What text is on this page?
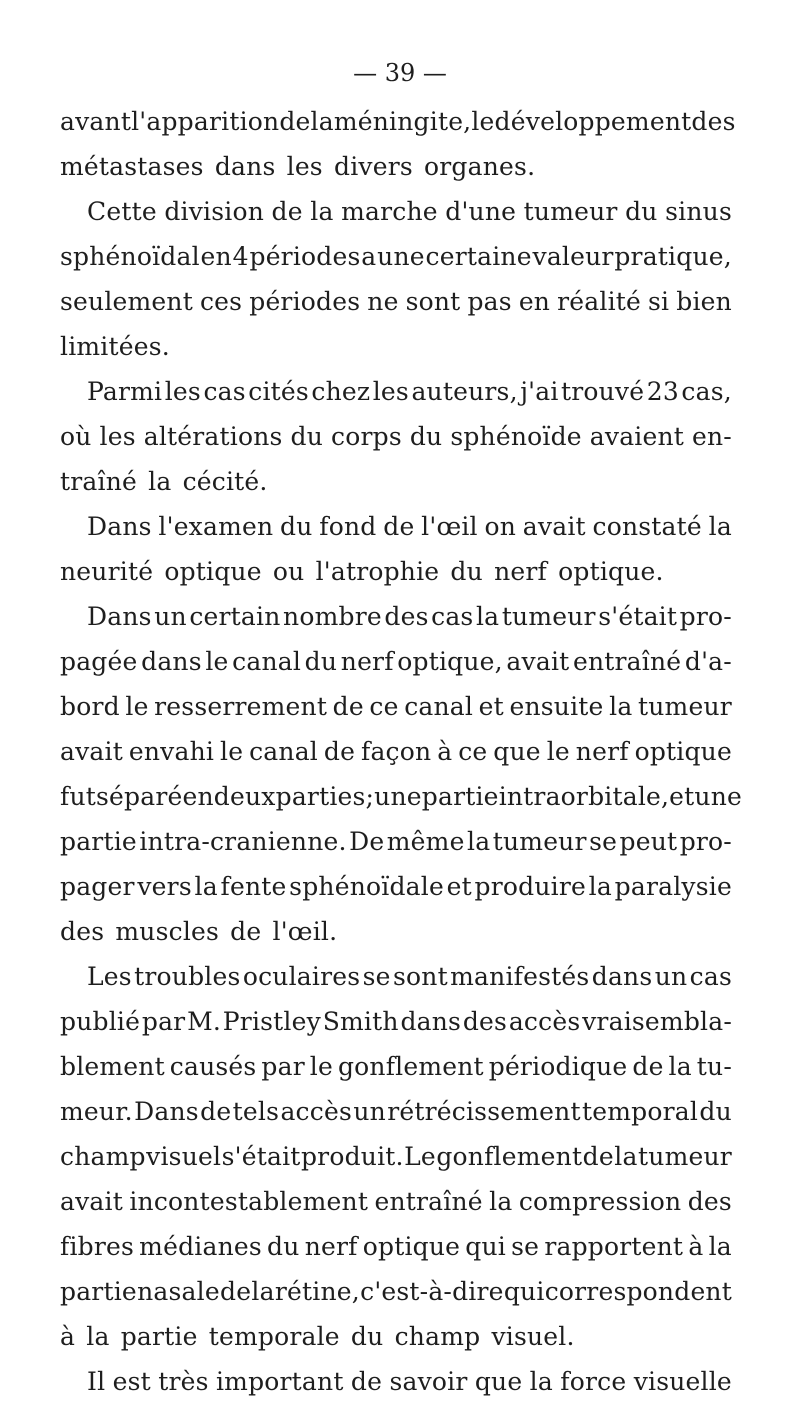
— 39 —
avant l'apparition de la méningite, le développement des
métastases dans les divers organes.
Cette division de la marche d'une tumeur du sinus
sphénoïdal en 4 périodes a une certaine valeur pratique,
seulement ces périodes ne sont pas en réalité si bien
limitées.
Parmi les cas cités chez les auteurs, j'ai trouvé 23 cas,
où les altérations du corps du sphénoïde avaient en-
traîné la cécité.
Dans l'examen du fond de l'œil on avait constaté la
neurité optique ou l'atrophie du nerf optique.
Dans un certain nombre des cas la tumeur s'était pro-
pagée dans le canal du nerf optique, avait entraîné d'a-
bord le resserrement de ce canal et ensuite la tumeur
avait envahi le canal de façon à ce que le nerf optique
fut séparé en deux parties ; une partie intraorbitale,et une
partie intra-cranienne. De même la tumeur se peut pro-
pager vers la fente sphénoïdale et produire la paralysie
des muscles de l'œil.
Les troubles oculaires se sont manifestés dans un cas
publié par M. Pristley Smith dans des accès vraisembla-
blement causés par le gonflement périodique de la tu-
meur. Dans de tels accès un rétrécissement temporal du
champ visuel s'était produit. Le gonflement de la tumeur
avait incontestablement entraîné la compression des
fibres médianes du nerf optique qui se rapportent à la
partie nasale de la rétine, c'est-à-dire qui correspondent
à la partie temporale du champ visuel.
Il est très important de savoir que la force visuelle
